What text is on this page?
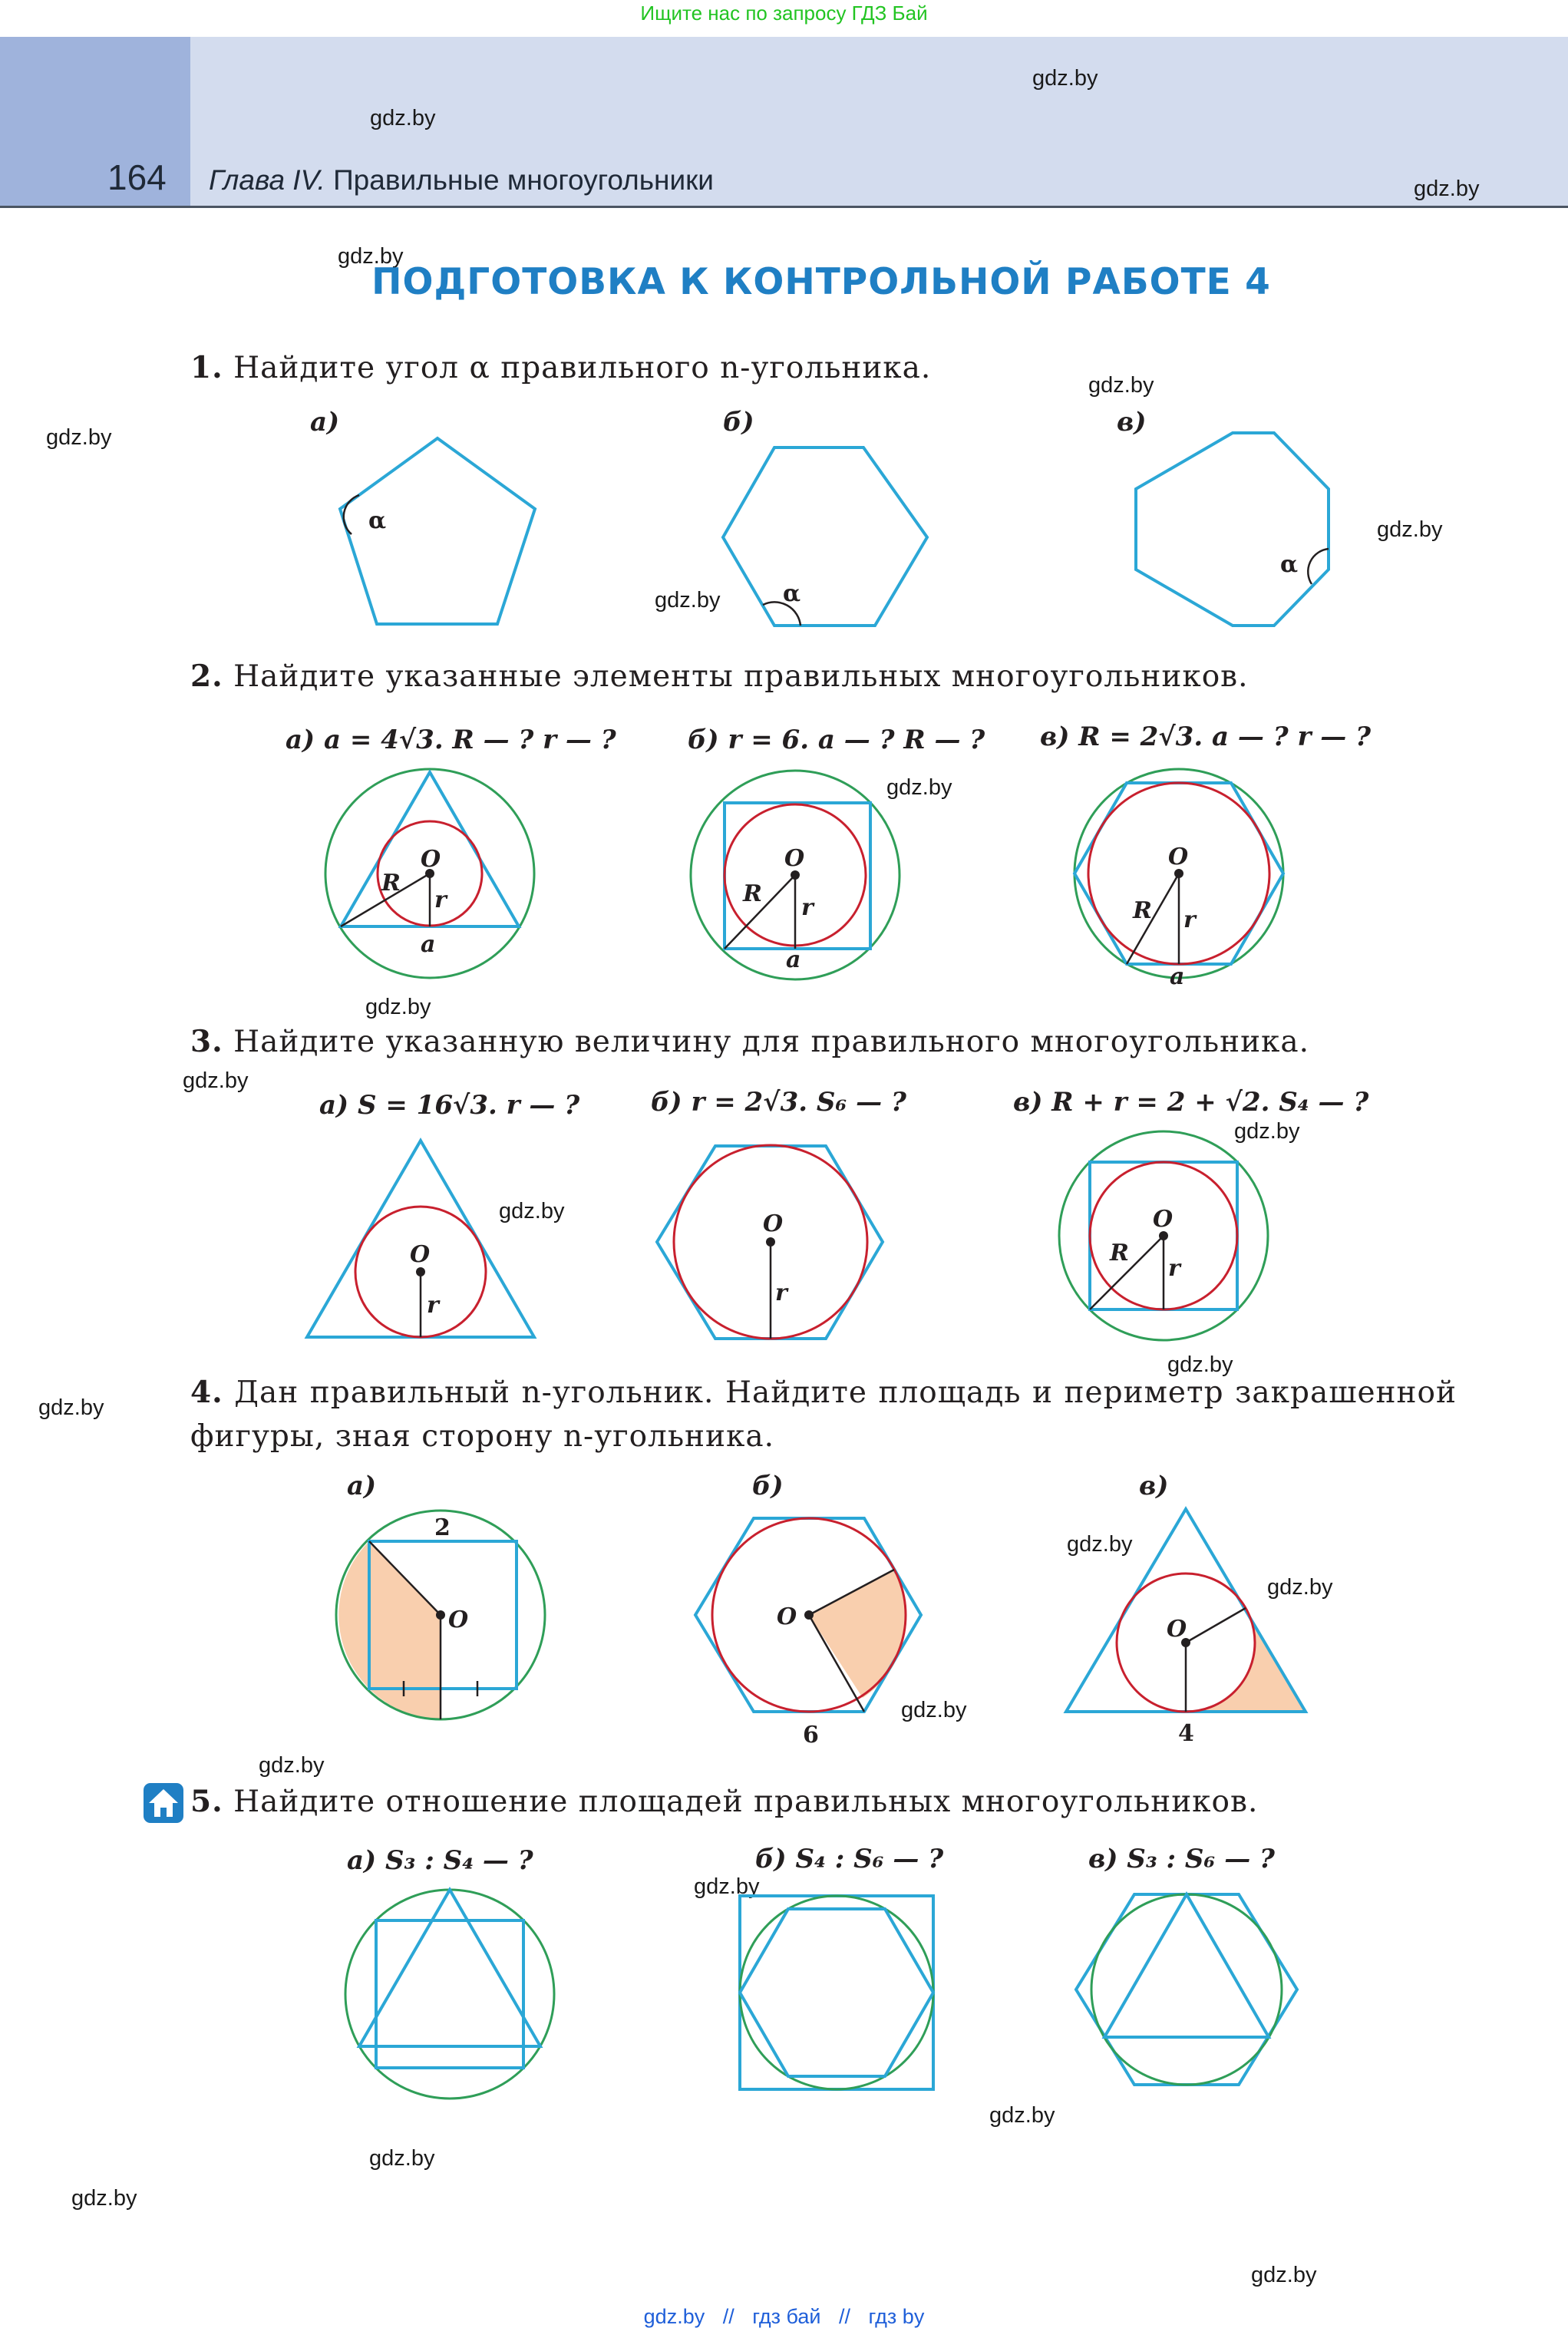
Ищите нас по запросу ГДЗ Бай
164 Глава IV. Правильные многоугольники
gdz.by
gdz.by
gdz.by
gdz.by
gdz.by
gdz.by
gdz.by
gdz.by
gdz.by
gdz.by
gdz.by
gdz.by
gdz.by
gdz.by
gdz.by
gdz.by
gdz.by
gdz.by
gdz.by
gdz.by
gdz.by
gdz.by
gdz.by
gdz.by
ПОДГОТОВКА К КОНТРОЛЬНОЙ РАБОТЕ 4
1. Найдите угол α правильного n-угольника.
а)	б)	в)
α
α
α
2. Найдите указанные элементы правильных многоугольников.
а) a = 4√3. R — ? r — ?	б) r = 6. a — ? R — ? в) R = 2√3. a — ? r — ?
O
R
r
a
O
R
r
a
O
R r
a
3. Найдите указанную величину для правильного многоугольника.
а) S = 16√3. r — ?	б) r = 2√3. S₆ — ?	в) R + r = 2 + √2. S₄ — ?
O
r
O
r
O
R
r
4. Дан правильный n-угольник. Найдите площадь и периметр закрашенной фигуры, зная сторону n-угольника.
а)	б)	в)
O
2
O
6
O
4
5. Найдите отношение площадей правильных многоугольников.
а) S₃ : S₄ — ?	б) S₄ : S₆ — ?	в) S₃ : S₆ — ?
gdz.by // гдз бай // гдз by
